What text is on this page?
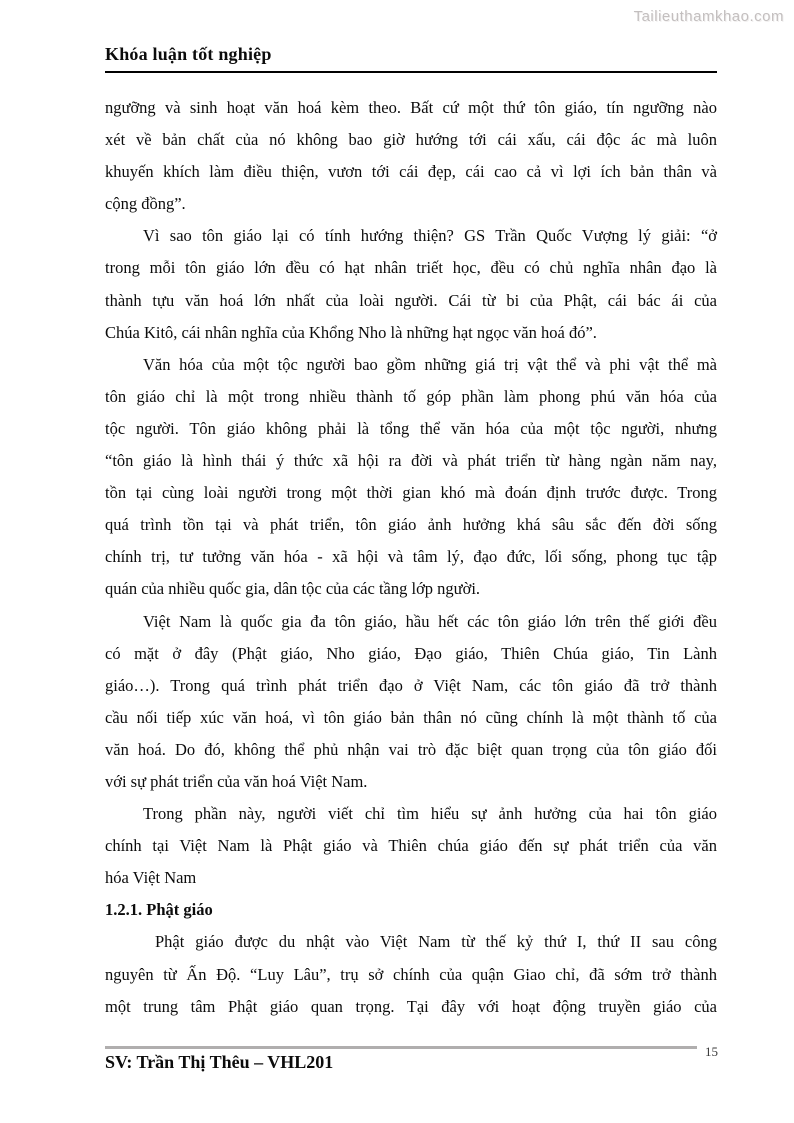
Tailieuthamkhao.com
Khóa luận tốt nghiệp
ngưỡng và sinh hoạt văn hoá kèm theo. Bất cứ một thứ tôn giáo, tín ngưỡng nào
xét về bản chất của nó không bao giờ hướng tới cái xấu, cái độc ác mà luôn
khuyến khích làm điều thiện, vươn tới cái đẹp, cái cao cả vì lợi ích bản thân và
cộng đồng”.
Vì sao tôn giáo lại có tính hướng thiện? GS Trần Quốc Vượng lý giải: “ở
trong mỗi tôn giáo lớn đều có hạt nhân triết học, đều có chủ nghĩa nhân đạo là
thành tựu văn hoá lớn nhất của loài người. Cái từ bi của Phật, cái bác ái của
Chúa Kitô, cái nhân nghĩa của Khổng Nho là những hạt ngọc văn hoá đó”.
Văn hóa của một tộc người bao gồm những giá trị vật thể và phi vật thể mà
tôn giáo chỉ là một trong nhiều thành tố góp phần làm phong phú văn hóa của
tộc người. Tôn giáo không phải là tổng thể văn hóa của một tộc người, nhưng
“tôn giáo là hình thái ý thức xã hội ra đời và phát triển từ hàng ngàn năm nay,
tồn tại cùng loài người trong một thời gian khó mà đoán định trước được. Trong
quá trình tồn tại và phát triển, tôn giáo ảnh hưởng khá sâu sắc đến đời sống
chính trị, tư tưởng văn hóa - xã hội và tâm lý, đạo đức, lối sống, phong tục tập
quán của nhiều quốc gia, dân tộc của các tầng lớp người.
Việt Nam là quốc gia đa tôn giáo, hầu hết các tôn giáo lớn trên thế giới đều
có mặt ở đây (Phật giáo, Nho giáo, Đạo giáo, Thiên Chúa giáo, Tin Lành
giáo…). Trong quá trình phát triển đạo ở Việt Nam, các tôn giáo đã trở thành
cầu nối tiếp xúc văn hoá, vì tôn giáo bản thân nó cũng chính là một thành tố của
văn hoá. Do đó, không thể phủ nhận vai trò đặc biệt quan trọng của tôn giáo đối
với sự phát triển của văn hoá Việt Nam.
Trong phần này, người viết chỉ tìm hiểu sự ảnh hưởng của hai tôn giáo
chính tại Việt Nam là Phật giáo và Thiên chúa giáo đến sự phát triển của văn
hóa Việt Nam
1.2.1. Phật giáo
Phật giáo được du nhật vào Việt Nam từ thế kỷ thứ I, thứ II sau công
nguyên từ Ấn Độ. “Luy Lâu”, trụ sở chính của quận Giao chỉ, đã sớm trở thành
một trung tâm Phật giáo quan trọng. Tại đây với hoạt động truyền giáo của
SV: Trần Thị Thêu – VHL201
15
